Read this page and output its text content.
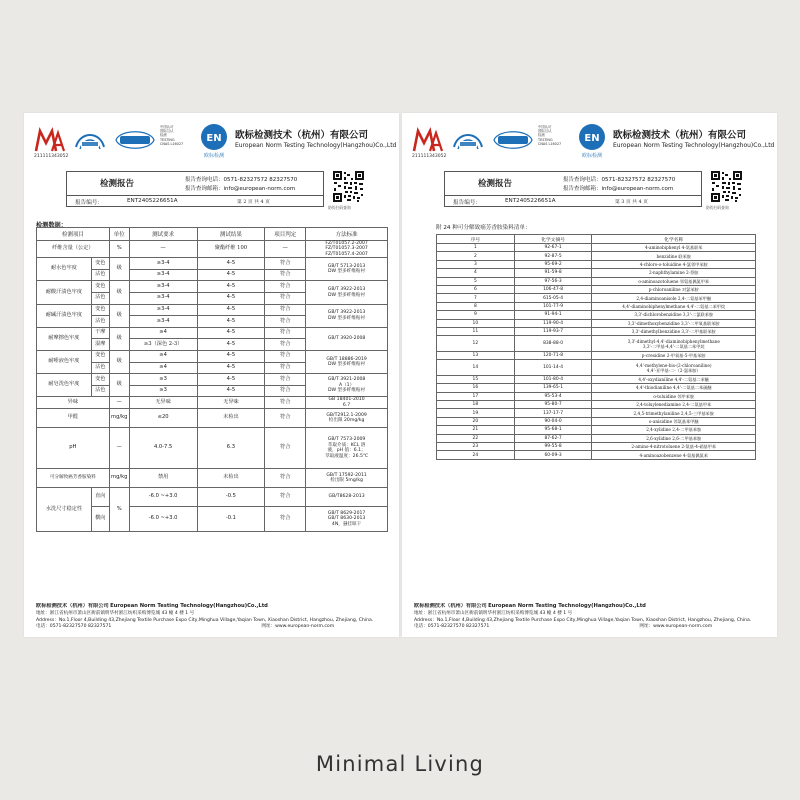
211111343052
中国认可
国际互认
检测
TESTING
CNAS L16027	EN
欧标检测
欧标检测技术（杭州）有限公司
European Norm Testing Technology(Hangzhou)Co.,Ltd
检测报告	报告查询电话：0571-82327572 82327570
报告查询邮箱：info@european-norm.com
报告编号：	ENT2405226651A	第 2 页 共 4 页
防伪扫码查询
检测数据：
检测项目		单位	测试要求	测试结果	项目判定	方法标准
纤维含量（公定）		%	—	聚酯纤维 100	—	FZ/T01057.2-2007
FZ/T01057.3-2007
FZ/T01057.4-2007

耐水色牢度	变色	级	≥3-4	4-5	符合	GB/T 5713-2013
DW 型多纤维贴衬

	沾色		≥3-4	4-5	符合	
耐酸汗渍色牢度	变色	级	≥3-4	4-5	符合	GB/T 3922-2013
DW 型多纤维贴衬

	沾色		≥3-4	4-5	符合	
耐碱汗渍色牢度	变色	级	≥3-4	4-5	符合	GB/T 3922-2013
DW 型多纤维贴衬

	沾色		≥3-4	4-5	符合	
耐摩擦色牢度	干摩	级	≥4	4-5	符合	GB/T 3920-2008

	湿摩		≥3（深色 2-3）	4-5	符合	
耐唾液色牢度	变色	级	≥4	4-5	符合	GB/T 18886-2019
DW 型多纤维贴衬

	沾色		≥4	4-5	符合	
耐皂洗色牢度	变色	级	≥3	4-5	符合	GB/T 3921-2008
A（1）
DW 型多纤维贴衬

	沾色		≥3	4-5	符合	
异味		—	无异味	无异味	符合	GB 18401-2010
6.7

甲醛		mg/kg	≤20	未检出	符合	GB/T2912.1-2009
检出限 20mg/kg

pH		—	4.0-7.5	6.3	符合	GB/T 7573-2009
萃取介质：KCL 溶
液，pH 值：6.1；
萃取液温度：26.5℃

可分解致癌芳香胺染料		mg/kg	禁用	未检出	符合	GB/T 17592-2011
检出限 5mg/kg

水洗尺寸稳定性	直向	%	-6.0 ~+3.0	-0.5	符合	GB/T8628-2013

	横向		-6.0 ~+3.0	-0.1	符合	GB/T 8629-2017
GB/T 8630-2013
4N，悬挂晾干
欧标检测技术（杭州）有限公司 European Norm Testing Technology(Hangzhou)Co.,Ltd
地址：浙江省杭州市萧山区衙前镇明华村浙江纺织采购博览城 43 幢 4 楼 1 号
Address：No.1,Floor 4,Building 43,Zhejiang Textile Purchase Expo City,Minghua Village,Yaqian Town, Xiaoshan District, Hangzhou, Zhejiang, China.
电话：0571-82327570 82327571	网址：www.european-norm.com
211111343052
中国认可
国际互认
检测
TESTING
CNAS L16027	EN
欧标检测
欧标检测技术（杭州）有限公司
European Norm Testing Technology(Hangzhou)Co.,Ltd
检测报告	报告查询电话：0571-82327572 82327570
报告查询邮箱：info@european-norm.com
报告编号：	ENT2405226651A	第 3 页 共 4 页
防伪扫码查询
附 24 种可分解致癌芳香胺染料清单：
序号	化学文摘号	化学名称
1	92-67-1	4-aminobiphenyl 4-氨基联苯

2	92-87-5	benzidine 联苯胺

3	95-69-2	4-chloro-o-toluidine 4-氯邻甲苯胺

4	91-59-8	2-naphthylamine 2-萘胺

5	97-56-3	o-aminoazotoluene 邻氨基偶氮甲苯

6	106-47-8	p-chloroaniline 对氯苯胺

7	615-05-4	2,4-diaminoanisole 2,4-二氨基苯甲醚

8	101-77-9	4,4'-diaminobiphenylmethane 4,4'-二氨基二苯甲烷

9	91-94-1	3,3'-dichlorobenzidine 3,3'-二氯联苯胺

10	119-90-4	3,3'-dimethoxybenzidine 3,3'-二甲氧基联苯胺

11	119-93-7	3,3'-dimethylbenzidine 3,3'-二甲基联苯胺

12	838-88-0	3,3'-dimethyl-4,4'-diaminobiphenylmethane
3,3'-二甲基-4,4'-二氨基二苯甲烷

13	120-71-8	p-cresidine 2-甲氧基-5-甲基苯胺

14	101-14-4	4,4'-methylene-bis-(2-chloroaniline)
4,4'-亚甲基-二-（2-氯苯胺）

15	101-80-4	4,4'-oxydianiline 4,4'-二氨基二苯醚

16	139-65-1	4,4'-thiodianiline 4,4'-二氨基二苯硫醚

17	95-53-4	o-toluidine 邻甲苯胺

18	95-80-7	2,4-toluylenediamine 2,4-二氨基甲苯

19	137-17-7	2,4,5-trimethylaniline 2,4,5-三甲基苯胺

20	90-04-0	o-anisidine 邻氨基苯甲醚

21	95-68-1	2,4-xylidine 2,4-二甲基苯胺

22	87-62-7	2,6-xylidine 2,6-二甲基苯胺

23	99-55-8	2-amino-4-nitrotoluene 2-氨基-4-硝基甲苯

24	60-09-3	4-aminoazobenzene 4-氨基偶氮苯
欧标检测技术（杭州）有限公司 European Norm Testing Technology(Hangzhou)Co.,Ltd
地址：浙江省杭州市萧山区衙前镇明华村浙江纺织采购博览城 43 幢 4 楼 1 号
Address：No.1,Floor 4,Building 43,Zhejiang Textile Purchase Expo City,Minghua Village,Yaqian Town, Xiaoshan District, Hangzhou, Zhejiang, China.
电话：0571-82327570 82327571	网址：www.european-norm.com
Minimal Living
